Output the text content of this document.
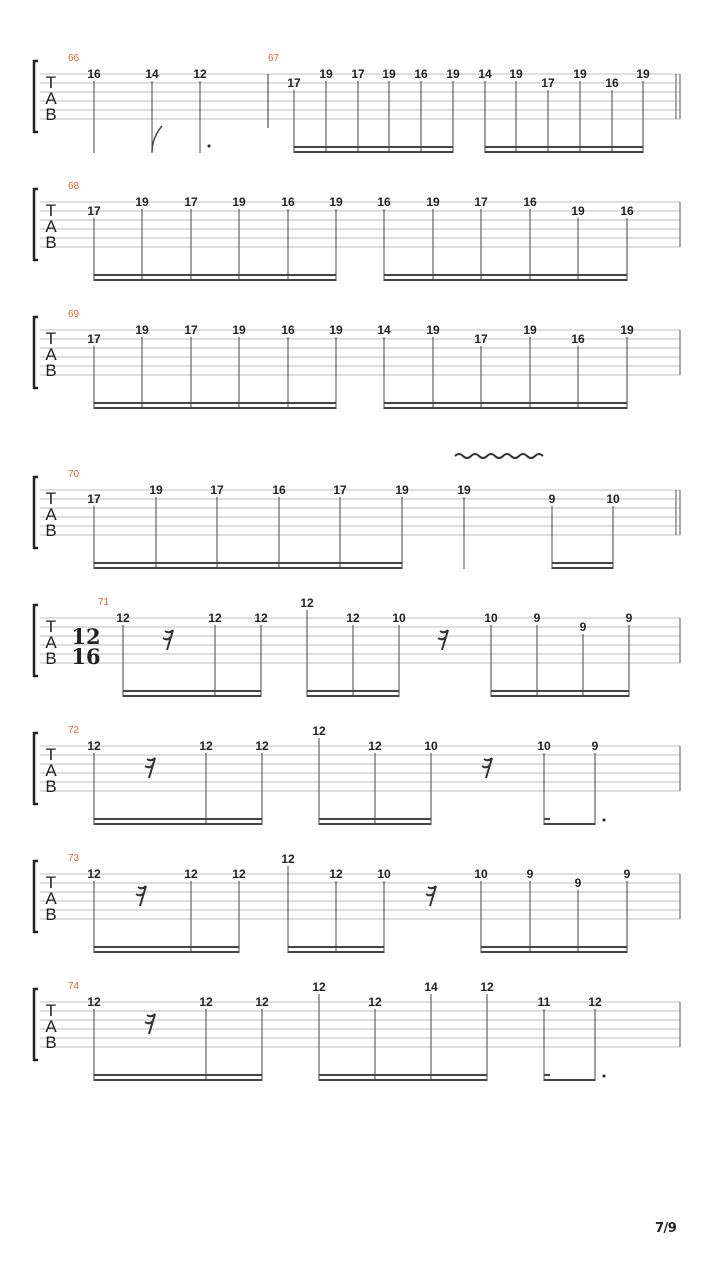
T
A
B
66
16	14	12
67
17
19 17 19 16 19 14 19
17
19
16
19
T
A
B
68
17
19	17	19	16	19	16	19	17	16
19	16
T
A
B
69
17
19	17	19	16	19	14	19
17
19
16
19
T
A
B
70
17
19	17	16	17	19	19
9	10
T
A
B
12
16
71
12	12	12
12
12	10	10	9
9
9
T
A
B
72
12	12	12
12
12	10	10	9
T
A
B
73
12	12	12
12
12	10	10	9
9
9
T
A
B
74
12	12	12
12
12
14	12
11	12
7/9
